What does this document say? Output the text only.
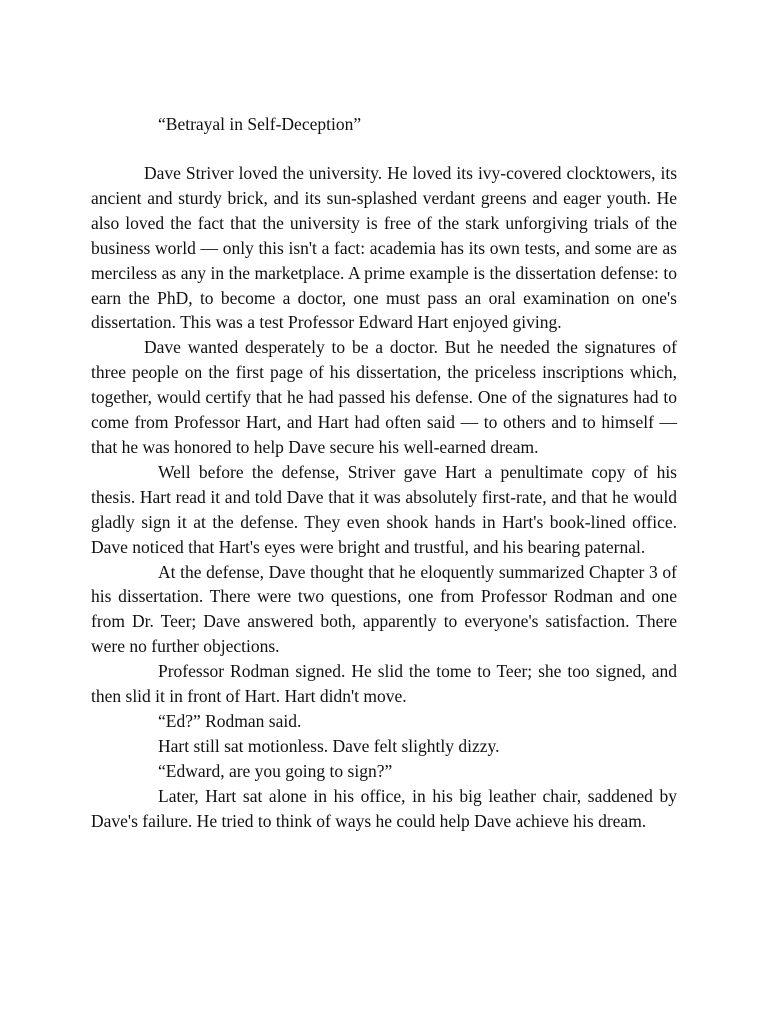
“Betrayal in Self-Deception”

Dave Striver loved the university. He loved its ivy-covered clocktowers, its ancient and sturdy brick, and its sun-splashed verdant greens and eager youth. He also loved the fact that the university is free of the stark unforgiving trials of the business world — only this isn't a fact: academia has its own tests, and some are as merciless as any in the marketplace. A prime example is the dissertation defense: to earn the PhD, to become a doctor, one must pass an oral examination on one's dissertation. This was a test Professor Edward Hart enjoyed giving.

Dave wanted desperately to be a doctor. But he needed the signatures of three people on the first page of his dissertation, the priceless inscriptions which, together, would certify that he had passed his defense. One of the signatures had to come from Professor Hart, and Hart had often said — to others and to himself — that he was honored to help Dave secure his well-earned dream.

Well before the defense, Striver gave Hart a penultimate copy of his thesis. Hart read it and told Dave that it was absolutely first-rate, and that he would gladly sign it at the defense. They even shook hands in Hart's book-lined office. Dave noticed that Hart's eyes were bright and trustful, and his bearing paternal.

At the defense, Dave thought that he eloquently summarized Chapter 3 of his dissertation. There were two questions, one from Professor Rodman and one from Dr. Teer; Dave answered both, apparently to everyone's satisfaction. There were no further objections.

Professor Rodman signed. He slid the tome to Teer; she too signed, and then slid it in front of Hart. Hart didn't move.

“Ed?” Rodman said.

Hart still sat motionless. Dave felt slightly dizzy.

“Edward, are you going to sign?”

Later, Hart sat alone in his office, in his big leather chair, saddened by Dave's failure. He tried to think of ways he could help Dave achieve his dream.
